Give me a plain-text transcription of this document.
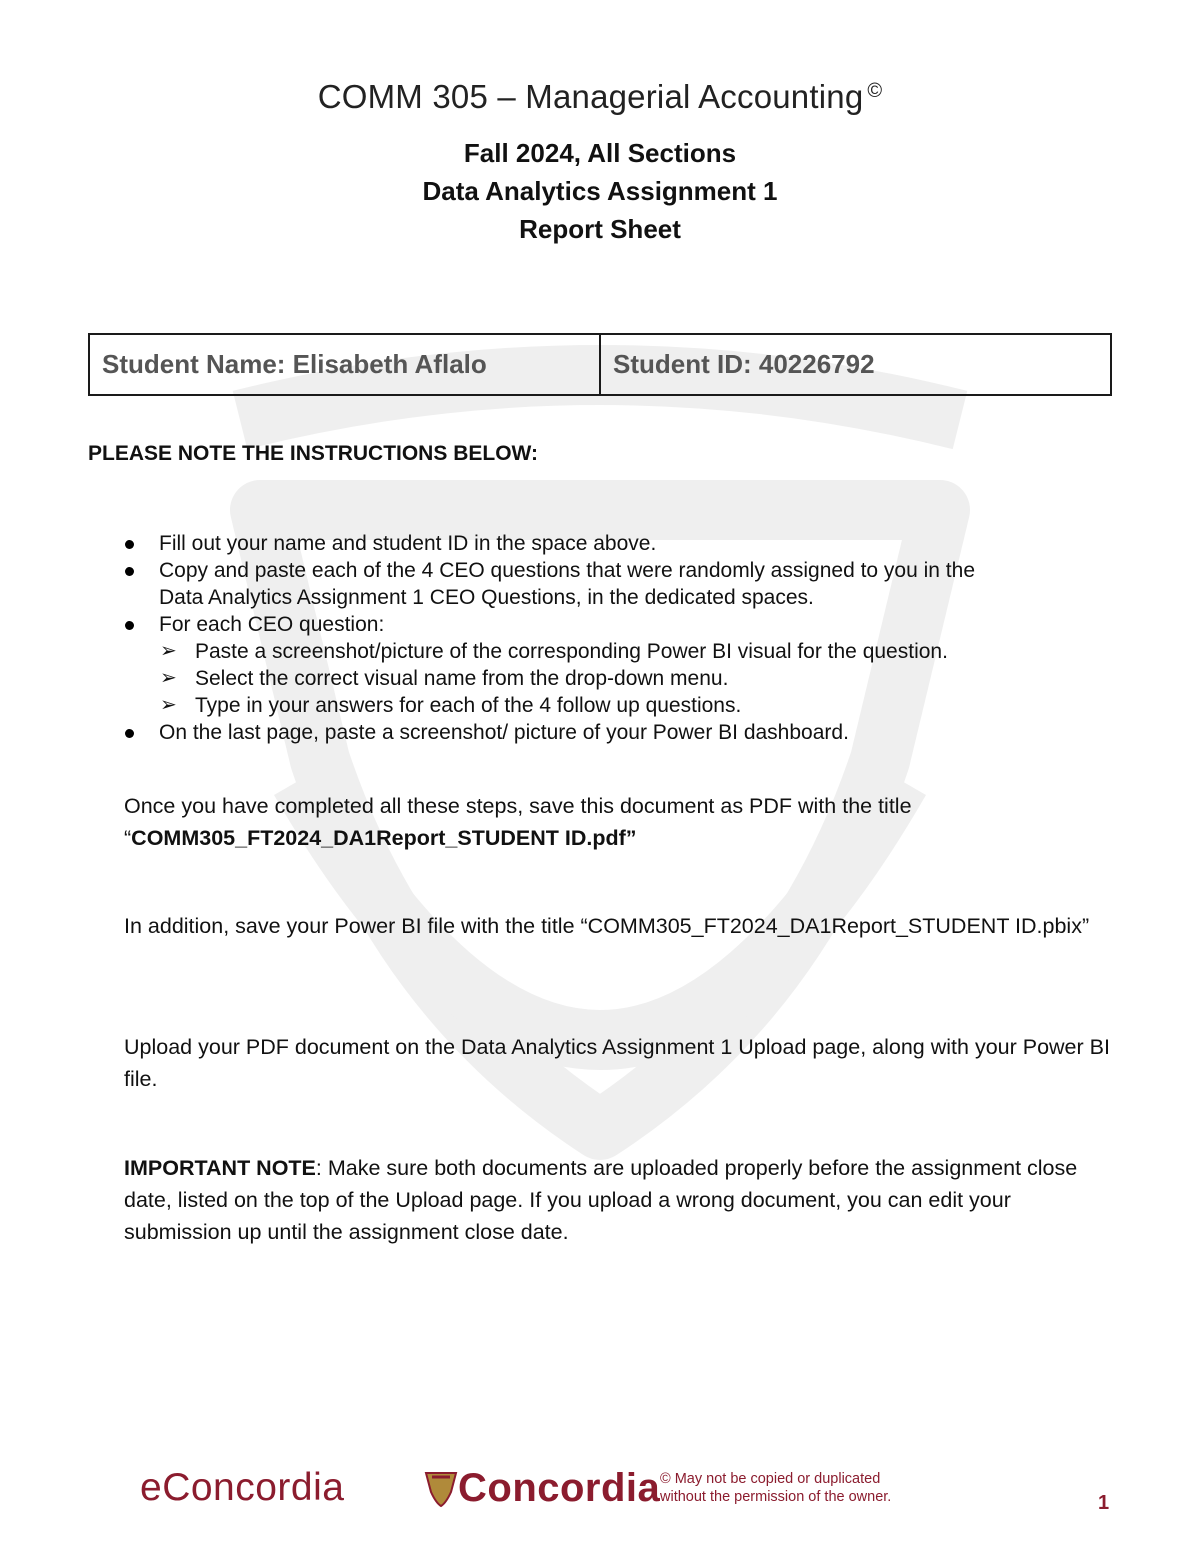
COMM 305 – Managerial Accounting ©
Fall 2024, All Sections
Data Analytics Assignment 1
Report Sheet
Student Name: Elisabeth Aflalo	Student ID: 40226792
PLEASE NOTE THE INSTRUCTIONS BELOW:
Fill out your name and student ID in the space above.
Copy and paste each of the 4 CEO questions that were randomly assigned to you in the
Data Analytics Assignment 1 CEO Questions, in the dedicated spaces.
For each CEO question:
➢ Paste a screenshot/picture of the corresponding Power BI visual for the question.
➢ Select the correct visual name from the drop-down menu.
➢ Type in your answers for each of the 4 follow up questions.
On the last page, paste a screenshot/ picture of your Power BI dashboard.
Once you have completed all these steps, save this document as PDF with the title
“COMM305_FT2024_DA1Report_STUDENT ID.pdf”
In addition, save your Power BI file with the title “COMM305_FT2024_DA1Report_STUDENT ID.pbix”
Upload your PDF document on the Data Analytics Assignment 1 Upload page, along with your Power BI file.
IMPORTANT NOTE: Make sure both documents are uploaded properly before the assignment close date, listed on the top of the Upload page. If you upload a wrong document, you can edit your submission up until the assignment close date.
eConcordia	Concordia © May not be copied or duplicated
without the permission of the owner.	1
